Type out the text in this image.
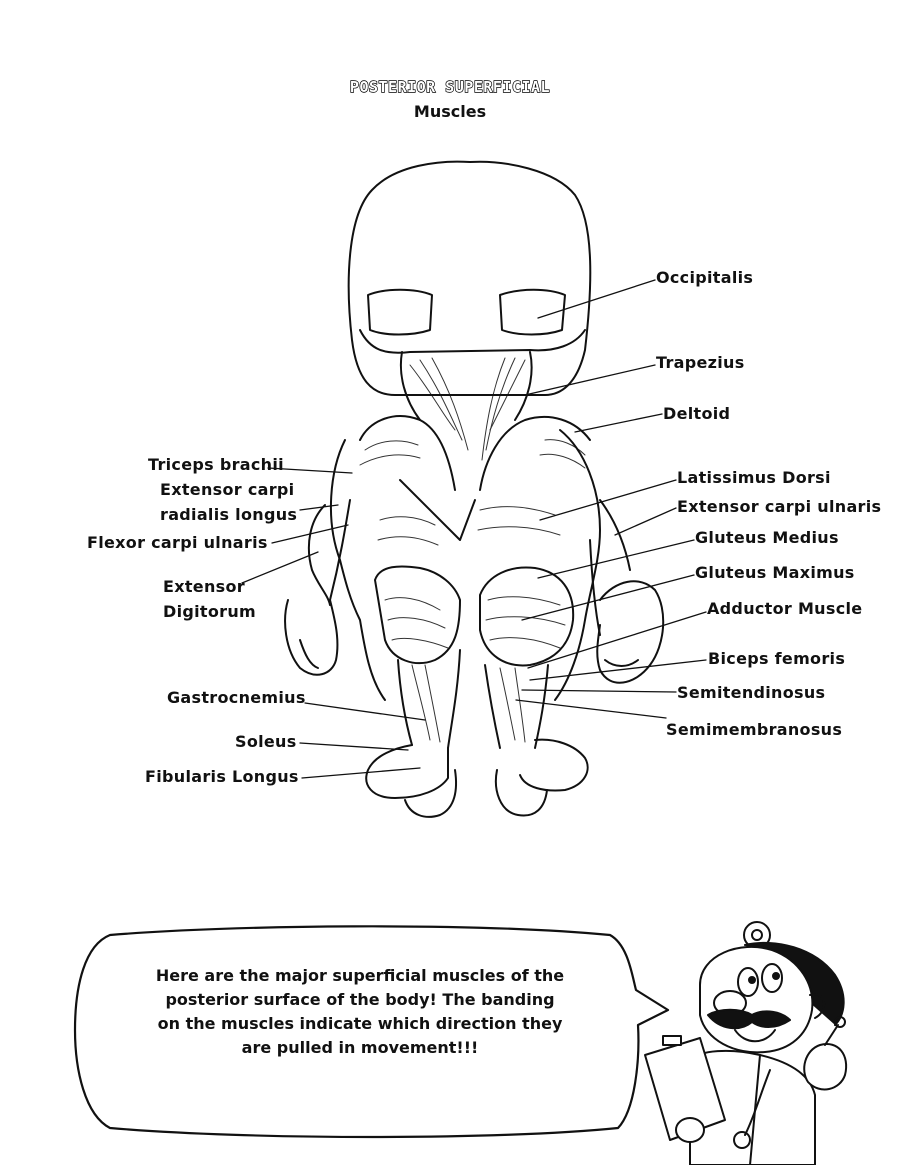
POSTERIOR SUPERFICIAL
Muscles
Occipitalis
Trapezius
Deltoid
Latissimus Dorsi
Extensor carpi ulnaris
Gluteus Medius
Gluteus Maximus
Adductor Muscle
Biceps femoris
Semitendinosus
Semimembranosus
Triceps brachii
Extensor carpi
radialis longus
Flexor carpi ulnaris
Extensor
Digitorum
Gastrocnemius
Soleus
Fibularis Longus
Here are the major superficial muscles of the
posterior surface of the body! The banding
on the muscles indicate which direction they
are pulled in movement!!!
